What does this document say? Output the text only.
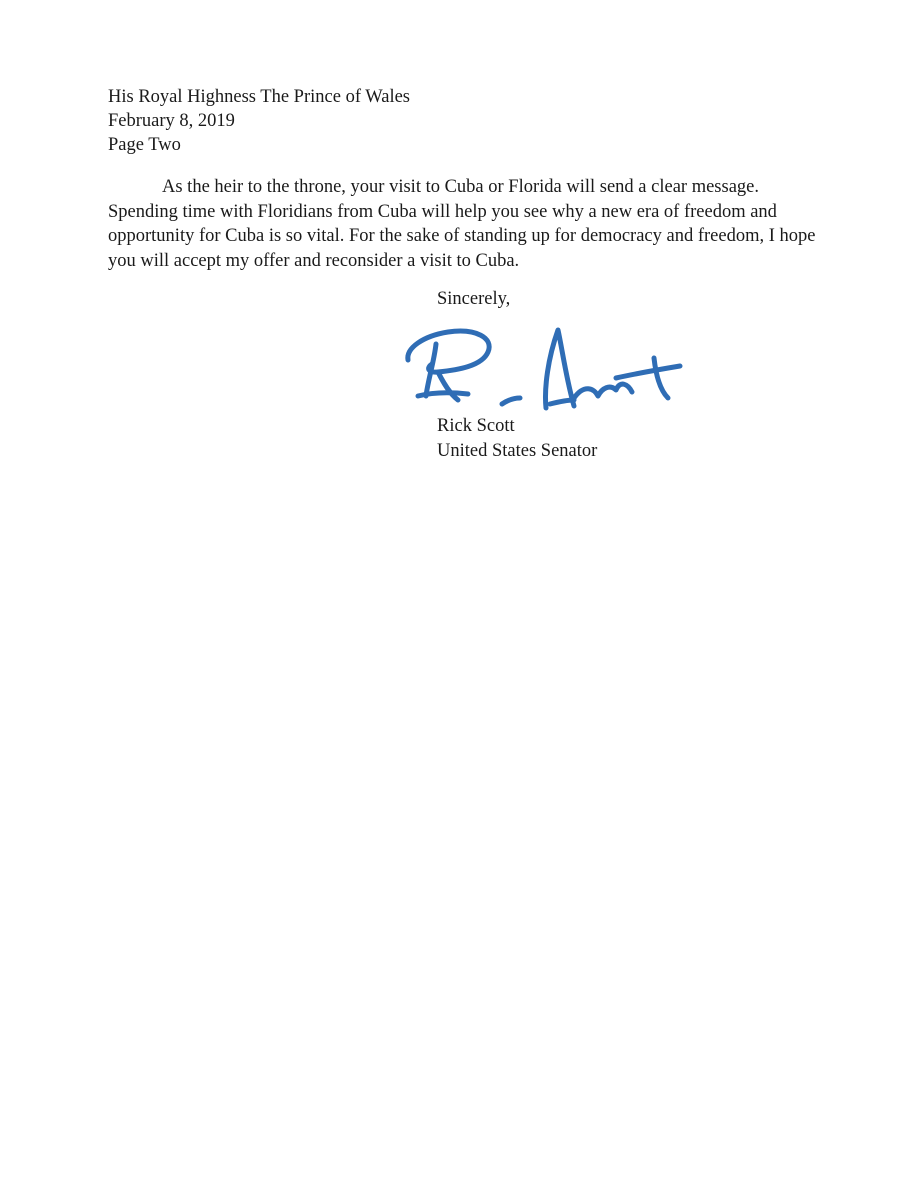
His Royal Highness The Prince of Wales
February 8, 2019
Page Two

As the heir to the throne, your visit to Cuba or Florida will send a clear message. Spending time with Floridians from Cuba will help you see why a new era of freedom and opportunity for Cuba is so vital. For the sake of standing up for democracy and freedom, I hope you will accept my offer and reconsider a visit to Cuba.

Sincerely,
Rick Scott
United States Senator
